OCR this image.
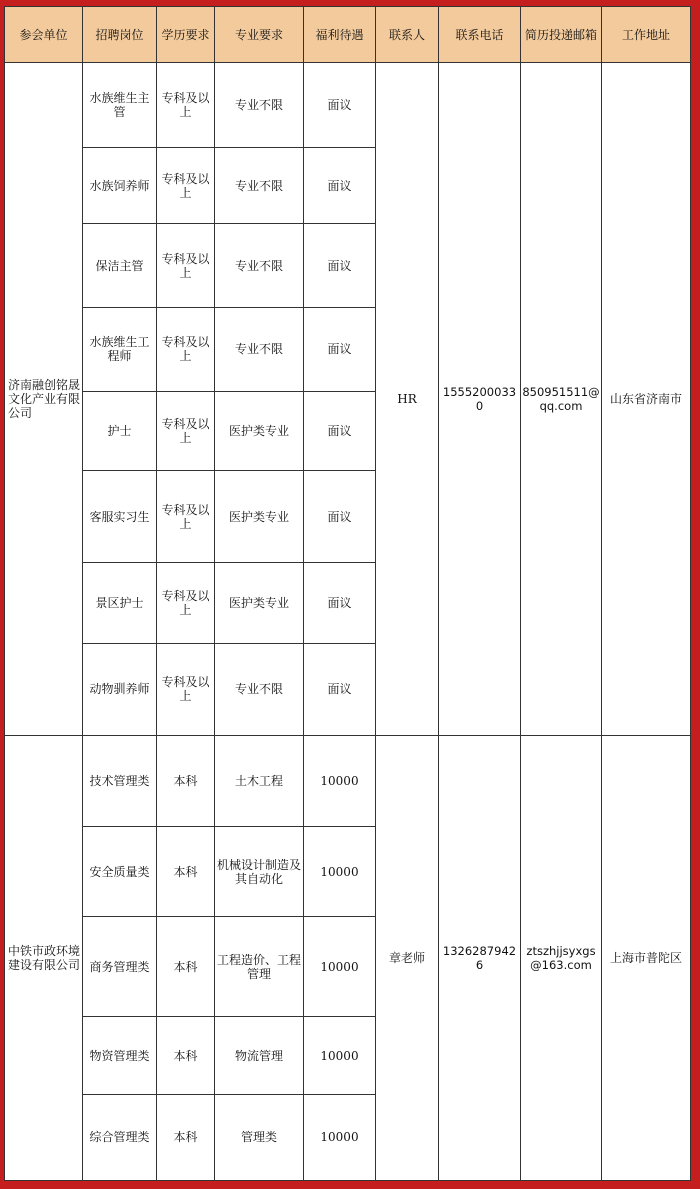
参会单位	招聘岗位	学历要求	专业要求	福利待遇	联系人	联系电话	简历投递邮箱	工作地址
济南融创铭晟文化产业有限公司	水族维生主管	专科及以上	专业不限	面议	HR	15552000330	850951511@qq.com	山东省济南市
	水族饲养师	专科及以上	专业不限	面议				
	保洁主管	专科及以上	专业不限	面议				
	水族维生工程师	专科及以上	专业不限	面议				
	护士	专科及以上	医护类专业	面议				
	客服实习生	专科及以上	医护类专业	面议				
	景区护士	专科及以上	医护类专业	面议				
	动物驯养师	专科及以上	专业不限	面议				
中铁市政环境建设有限公司	技术管理类	本科	土木工程	10000	章老师	13262879426	ztszhjjsyxgs@163.com	上海市普陀区
	安全质量类	本科	机械设计制造及其自动化	10000				
	商务管理类	本科	工程造价、工程管理	10000				
	物资管理类	本科	物流管理	10000				
	综合管理类	本科	管理类	10000				
